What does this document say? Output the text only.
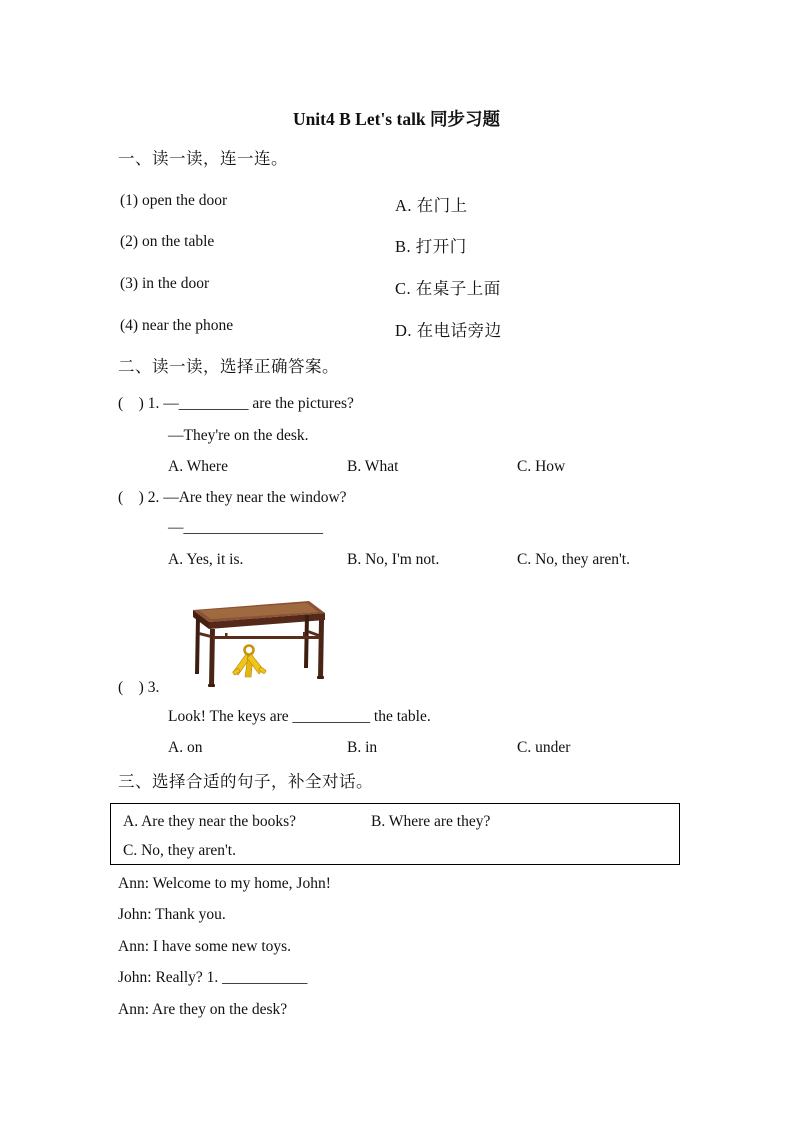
Unit4 B Let's talk 同步习题
一、读一读，连一连。
(1) open the door	A. 在门上
(2) on the table	B. 打开门
(3) in the door	C. 在桌子上面
(4) near the phone	D. 在电话旁边
二、读一读，选择正确答案。
(    ) 1. —_________ are the pictures?
—They're on the desk.
A. Where	B. What	C. How
(    ) 2. —Are they near the window?
—__________________
A. Yes, it is.	B. No, I'm not.	C. No, they aren't.
(    ) 3.
Look! The keys are __________ the table.
A. on	B. in	C. under
三、选择合适的句子，补全对话。
A. Are they near the books?	B. Where are they?
C. No, they aren't.
Ann: Welcome to my home, John!
John: Thank you.
Ann: I have some new toys.
John: Really? 1. ___________
Ann: Are they on the desk?
